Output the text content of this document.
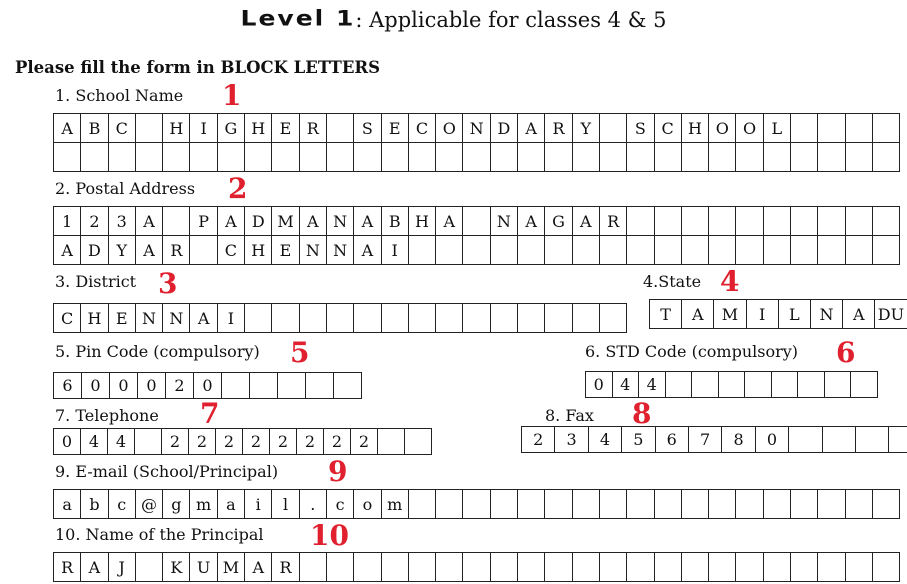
Level 1: Applicable for classes 4 & 5
Please fill the form in BLOCK LETTERS
1. School Name 1
A B C	H	I	G H E R	S E C O N D A R Y	S C H O O L
2. Postal Address 2
1	2	3	A	P	A D M A N A B H A	N A G A R
A D Y	A R	C H E N N A	I
3. District 3
C H E N N A	I
4.State 4
T	A	M	I	L	N	A DU
5. Pin Code (compulsory) 5
6	0	0	0	2	0
6. STD Code (compulsory) 6
0	4	4
7. Telephone 7
0	4	4	2	2	2	2	2	2	2	2
8. Fax 8
2	3	4	5	6	7	8	0
9. E-mail (School/Principal) 9
a	b	c @ g m a	i	l	.	c	o m
10. Name of the Principal 10
R A	J	K U M A R
